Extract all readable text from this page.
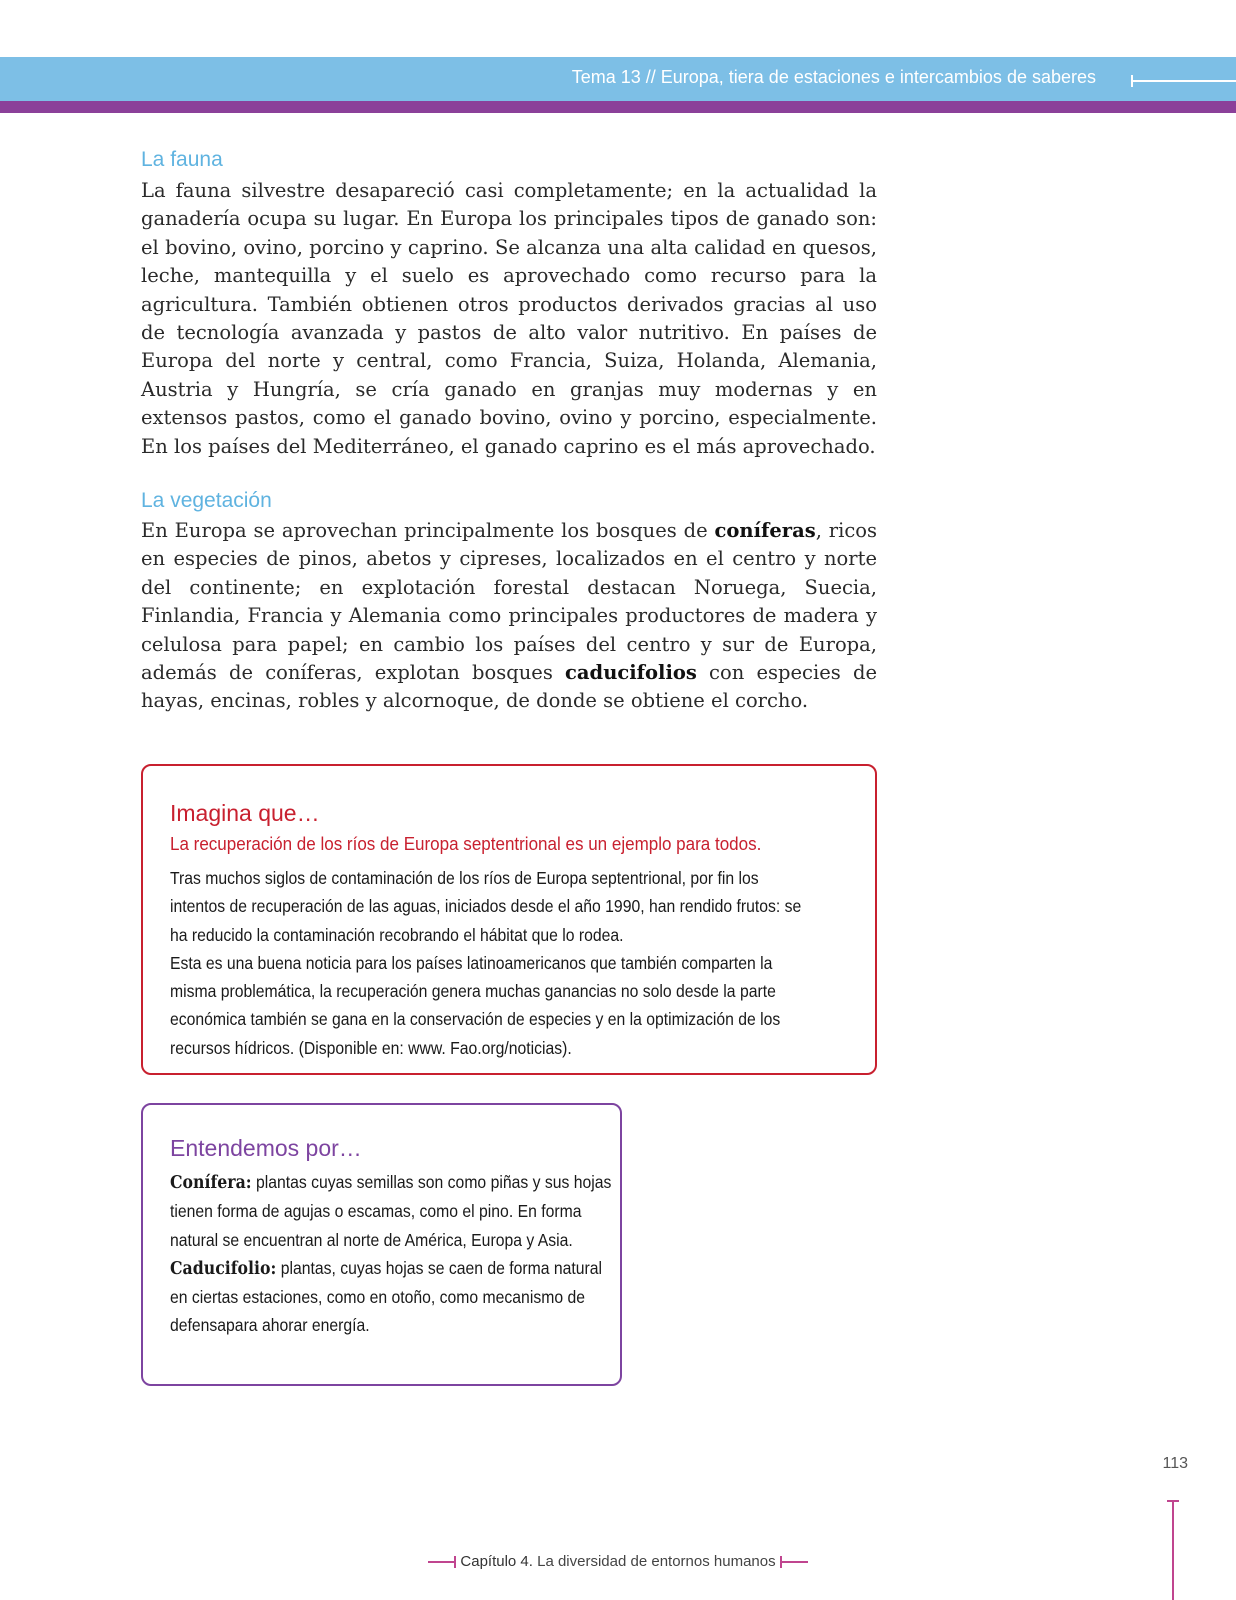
Tema 13 // Europa, tiera de estaciones e intercambios de saberes
La fauna

La fauna silvestre desapareció casi completamente; en la actualidad la ganadería ocupa su lugar. En Europa los principales tipos de ganado son: el bovino, ovino, porcino y caprino. Se alcanza una alta calidad en quesos, leche, mantequilla y el suelo es aprovechado como recurso para la agricultura. También obtienen otros productos derivados gracias al uso de tecnología avanzada y pastos de alto valor nutritivo. En países de Europa del norte y central, como Francia, Suiza, Holanda, Alemania, Austria y Hungría, se cría ganado en granjas muy modernas y en extensos pastos, como el ganado bovino, ovino y porcino, especialmente. En los países del Mediterráneo, el ganado caprino es el más aprovechado.

La vegetación

En Europa se aprovechan principalmente los bosques de coníferas, ricos en especies de pinos, abetos y cipreses, localizados en el centro y norte del continente; en explotación forestal destacan Noruega, Suecia, Finlandia, Francia y Alemania como principales productores de madera y celulosa para papel; en cambio los países del centro y sur de Europa, además de coníferas, explotan bosques caducifolios con especies de hayas, encinas, robles y alcornoque, de donde se obtiene el corcho.

Imagina que…
La recuperación de los ríos de Europa septentrional es un ejemplo para todos.

Tras muchos siglos de contaminación de los ríos de Europa septentrional, por fin los intentos de recuperación de las aguas, iniciados desde el año 1990, han rendido frutos: se ha reducido la contaminación recobrando el hábitat que lo rodea.

Esta es una buena noticia para los países latinoamericanos que también comparten la misma problemática, la recuperación genera muchas ganancias no solo desde la parte económica también se gana en la conservación de especies y en la optimización de los recursos hídricos. (Disponible en: www. Fao.org/noticias).

Entendemos por…

Conífera: plantas cuyas semillas son como piñas y sus hojas tienen forma de agujas o escamas, como el pino. En forma natural se encuentran al norte de América, Europa y Asia.

Caducifolio: plantas, cuyas hojas se caen de forma natural en ciertas estaciones, como en otoño, como mecanismo de defensapara ahorar energía.

113
Capítulo 4. La diversidad de entornos humanos
